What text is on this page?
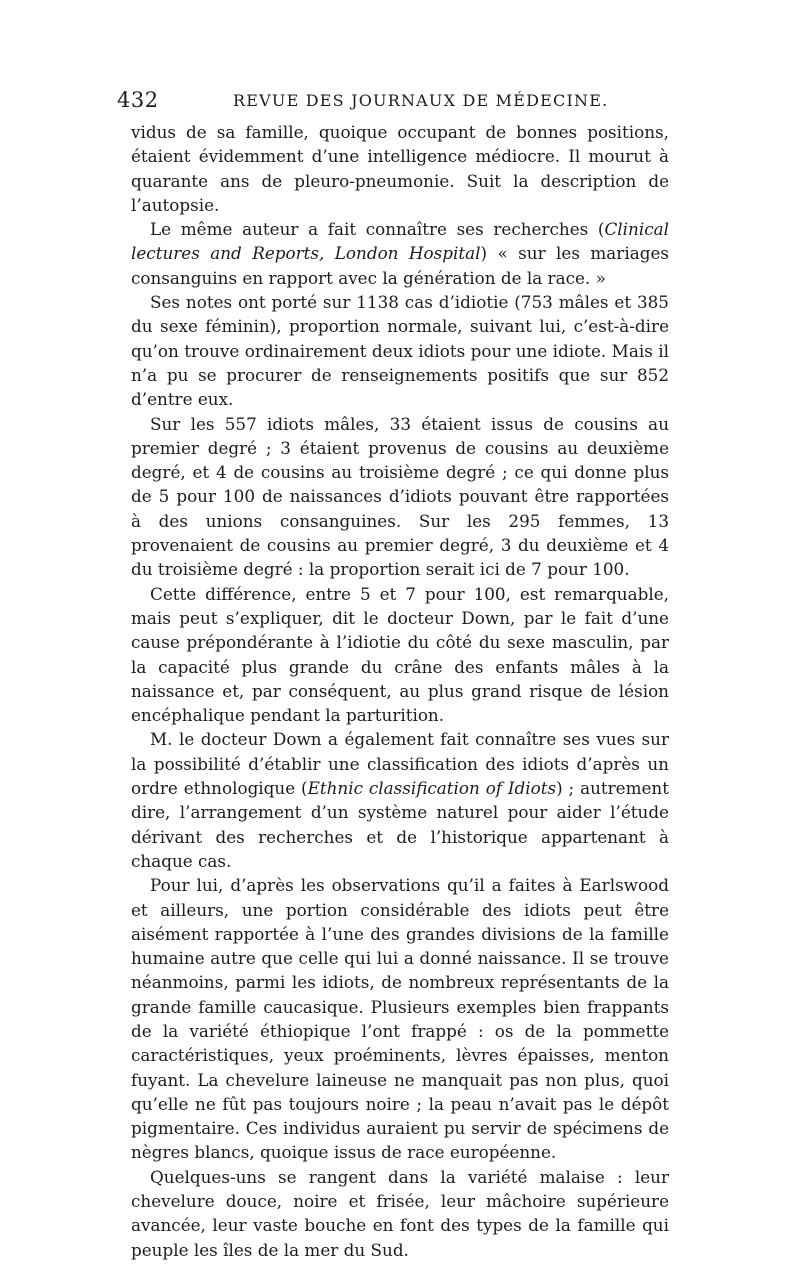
432	REVUE DES JOURNAUX DE MÉDECINE.

vidus de sa famille, quoique occupant de bonnes positions, étaient évidemment d’une intelligence médiocre. Il mourut à quarante ans de pleuro-pneumonie. Suit la description de l’autopsie.

Le même auteur a fait connaître ses recherches (Clinical lectures and Reports, London Hospital) « sur les mariages consanguins en rapport avec la génération de la race. »

Ses notes ont porté sur 1138 cas d’idiotie (753 mâles et 385 du sexe féminin), proportion normale, suivant lui, c’est-à-dire qu’on trouve ordinairement deux idiots pour une idiote. Mais il n’a pu se procurer de renseignements positifs que sur 852 d’entre eux.

Sur les 557 idiots mâles, 33 étaient issus de cousins au premier degré ; 3 étaient provenus de cousins au deuxième degré, et 4 de cousins au troisième degré ; ce qui donne plus de 5 pour 100 de naissances d’idiots pouvant être rapportées à des unions consanguines. Sur les 295 femmes, 13 provenaient de cousins au premier degré, 3 du deuxième et 4 du troisième degré : la proportion serait ici de 7 pour 100.

Cette différence, entre 5 et 7 pour 100, est remarquable, mais peut s’expliquer, dit le docteur Down, par le fait d’une cause prépondérante à l’idiotie du côté du sexe masculin, par la capacité plus grande du crâne des enfants mâles à la naissance et, par conséquent, au plus grand risque de lésion encéphalique pendant la parturition.

M. le docteur Down a également fait connaître ses vues sur la possibilité d’établir une classification des idiots d’après un ordre ethnologique (Ethnic classification of Idiots) ; autrement dire, l’arrangement d’un système naturel pour aider l’étude dérivant des recherches et de l’historique appartenant à chaque cas.

Pour lui, d’après les observations qu’il a faites à Earlswood et ailleurs, une portion considérable des idiots peut être aisément rapportée à l’une des grandes divisions de la famille humaine autre que celle qui lui a donné naissance. Il se trouve néanmoins, parmi les idiots, de nombreux représentants de la grande famille caucasique. Plusieurs exemples bien frappants de la variété éthiopique l’ont frappé : os de la pommette caractéristiques, yeux proéminents, lèvres épaisses, menton fuyant. La chevelure laineuse ne manquait pas non plus, quoi qu’elle ne fût pas toujours noire ; la peau n’avait pas le dépôt pigmentaire. Ces individus auraient pu servir de spécimens de nègres blancs, quoique issus de race européenne.

Quelques-uns se rangent dans la variété malaise : leur chevelure douce, noire et frisée, leur mâchoire supérieure avancée, leur vaste bouche en font des types de la famille qui peuple les îles de la mer du Sud.
